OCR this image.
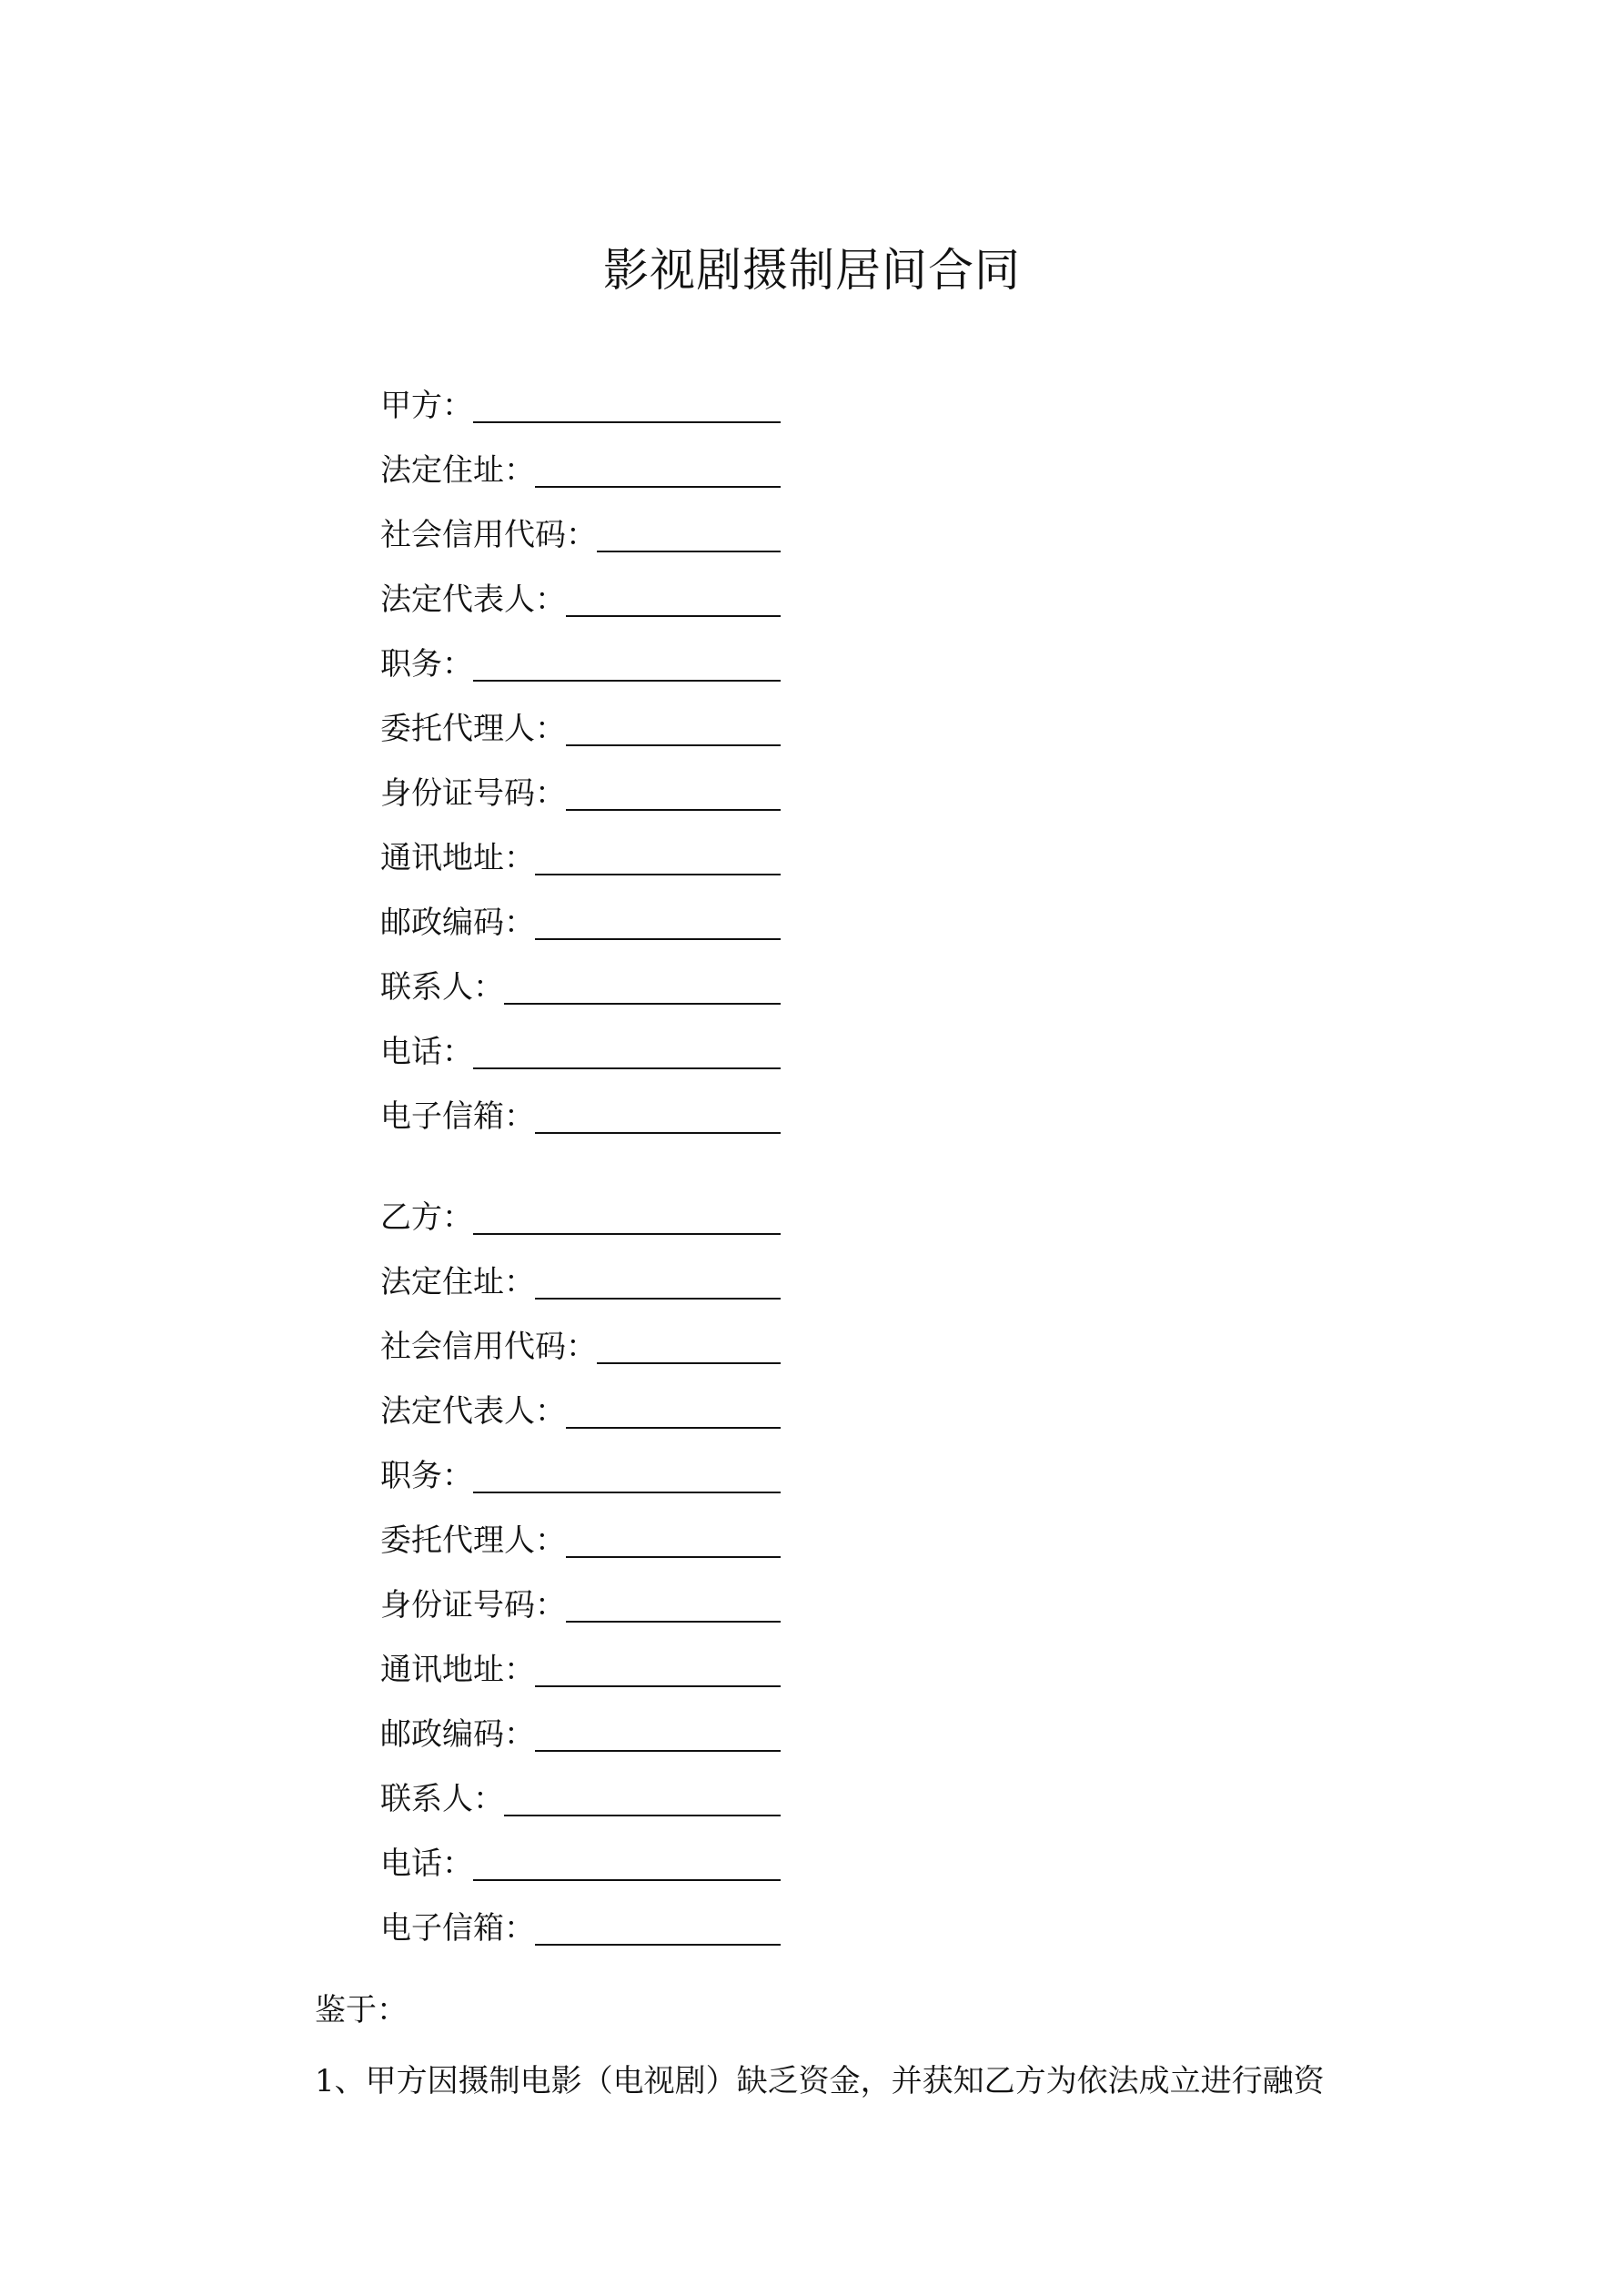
影视剧摄制居间合同
甲方：
法定住址：
社会信用代码：
法定代表人：
职务：
委托代理人：
身份证号码：
通讯地址：
邮政编码：
联系人：
电话：
电子信箱：
乙方：
法定住址：
社会信用代码：
法定代表人：
职务：
委托代理人：
身份证号码：
通讯地址：
邮政编码：
联系人：
电话：
电子信箱：
鉴于：
1、甲方因摄制电影（电视剧）缺乏资金，并获知乙方为依法成立进行融资
